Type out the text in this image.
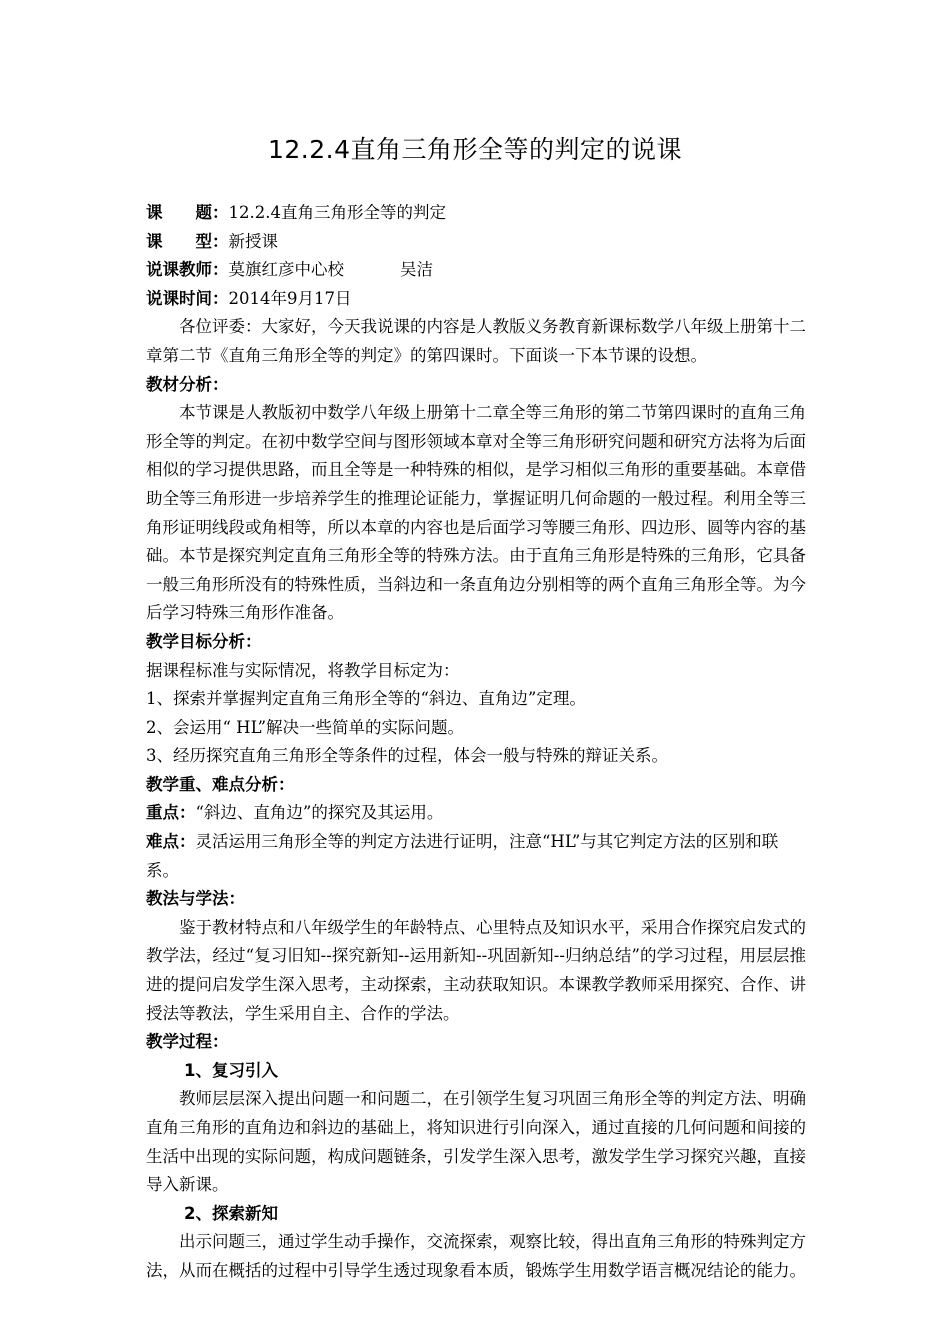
12.2.4直角三角形全等的判定的说课

课　　题：12.2.4直角三角形全等的判定

课　　型：新授课

说课教师：莫旗红彦中心校	吴洁

说课时间：2014年9月17日

各位评委：大家好，今天我说课的内容是人教版义务教育新课标数学八年级上册第十二章第二节《直角三角形全等的判定》的第四课时。下面谈一下本节课的设想。

教材分析：

本节课是人教版初中数学八年级上册第十二章全等三角形的第二节第四课时的直角三角形全等的判定。在初中数学空间与图形领域本章对全等三角形研究问题和研究方法将为后面相似的学习提供思路，而且全等是一种特殊的相似，是学习相似三角形的重要基础。本章借助全等三角形进一步培养学生的推理论证能力，掌握证明几何命题的一般过程。利用全等三角形证明线段或角相等，所以本章的内容也是后面学习等腰三角形、四边形、圆等内容的基础。本节是探究判定直角三角形全等的特殊方法。由于直角三角形是特殊的三角形，它具备一般三角形所没有的特殊性质，当斜边和一条直角边分别相等的两个直角三角形全等。为今后学习特殊三角形作准备。

教学目标分析：

据课程标准与实际情况，将教学目标定为：

1、探索并掌握判定直角三角形全等的“斜边、直角边”定理。

2、会运用“ HL”解决一些简单的实际问题。

3、经历探究直角三角形全等条件的过程，体会一般与特殊的辩证关系。

教学重、难点分析：

重点：“斜边、直角边”的探究及其运用。

难点：灵活运用三角形全等的判定方法进行证明，注意“HL”与其它判定方法的区别和联系。

教法与学法：

鉴于教材特点和八年级学生的年龄特点、心里特点及知识水平，采用合作探究启发式的教学法，经过“复习旧知--探究新知--运用新知--巩固新知--归纳总结”的学习过程，用层层推进的提问启发学生深入思考，主动探索，主动获取知识。本课教学教师采用探究、合作、讲授法等教法，学生采用自主、合作的学法。

教学过程：

1、复习引入

教师层层深入提出问题一和问题二，在引领学生复习巩固三角形全等的判定方法、明确直角三角形的直角边和斜边的基础上，将知识进行引向深入，通过直接的几何问题和间接的生活中出现的实际问题，构成问题链条，引发学生深入思考，激发学生学习探究兴趣，直接导入新课。

2、探索新知

出示问题三，通过学生动手操作，交流探索，观察比较，得出直角三角形的特殊判定方法，从而在概括的过程中引导学生透过现象看本质，锻炼学生用数学语言概况结论的能力。
